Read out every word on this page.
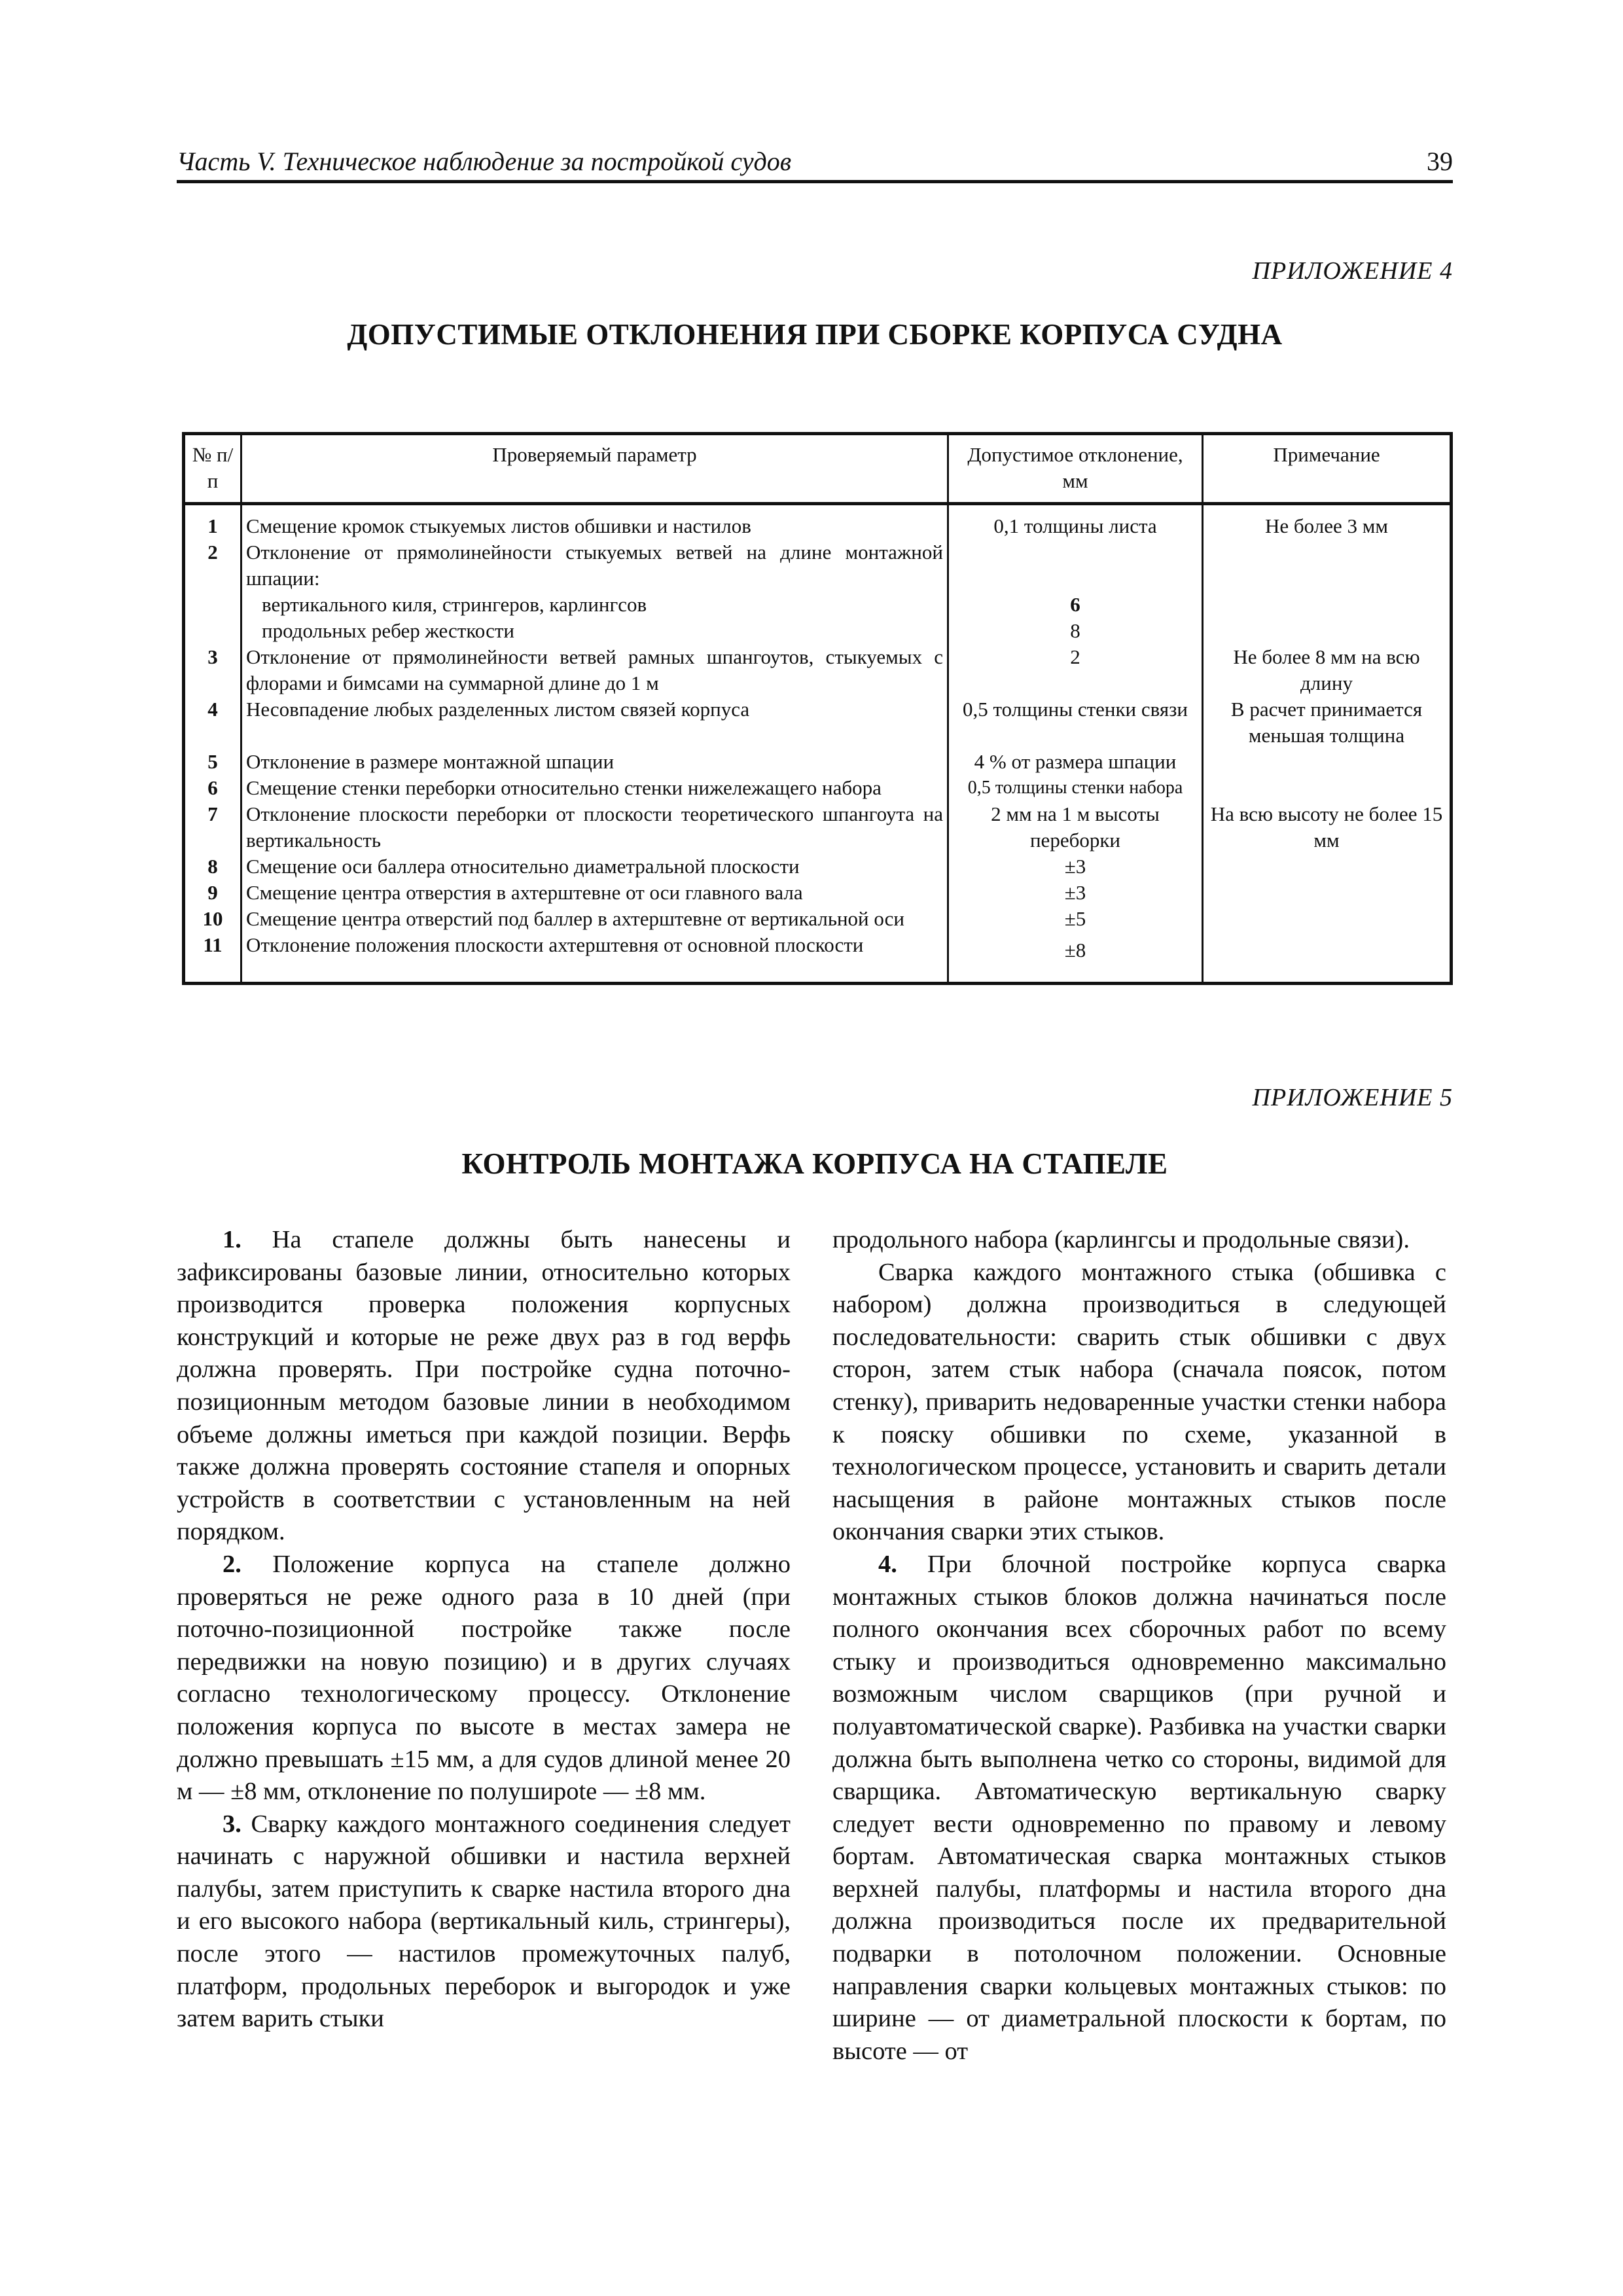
Часть V. Техническое наблюдение за постройкой судов	39
ПРИЛОЖЕНИЕ 4
ДОПУСТИМЫЕ ОТКЛОНЕНИЯ ПРИ СБОРКЕ КОРПУСА СУДНА
№ п/п	Проверяемый параметр	Допустимое отклонение, мм	Примечание
1	Смещение кромок стыкуемых листов обшивки и настилов	0,1 толщины листа	Не более 3 мм
2	Отклонение от прямолинейности стыкуемых ветвей на длине монтажной шпации:		

	вертикального киля, стрингеров, карлингсов	6	

	продольных ребер жесткости	8	
3	Отклонение от прямолинейности ветвей рамных шпангоутов, стыкуемых с флорами и бимсами на суммарной длине до 1 м	2	Не более 8 мм на всю длину
4	Несовпадение любых разделенных листом связей корпуса	0,5 толщины стенки связи	В расчет принимается меньшая толщина
5	Отклонение в размере монтажной шпации	4 % от размера шпации	
6	Смещение стенки переборки относительно стенки нижележащего набора	0,5 толщины стенки набора	
7	Отклонение плоскости переборки от плоскости теоретического шпангоута на вертикальность	2 мм на 1 м высоты переборки	На всю высоту не более 15 мм
8	Смещение оси баллера относительно диаметральной плоскости	±3	
9	Смещение центра отверстия в ахтерштевне от оси главного вала	±3	
10	Смещение центра отверстий под баллер в ахтерштевне от вертикальной оси	±5	
11	Отклонение положения плоскости ахтерштевня от основной плоскости	±8	
ПРИЛОЖЕНИЕ 5
КОНТРОЛЬ МОНТАЖА КОРПУСА НА СТАПЕЛЕ

1. На стапеле должны быть нанесены и зафиксированы базовые линии, относительно которых производится проверка положения корпусных конструкций и которые не реже двух раз в год верфь должна проверять. При постройке судна поточно-позиционным методом базовые линии в необходимом объеме должны иметься при каждой позиции. Верфь также должна проверять состояние стапеля и опорных устройств в соответствии с установленным на ней порядком.

2. Положение корпуса на стапеле должно проверяться не реже одного раза в 10 дней (при поточно-позиционной постройке также после передвижки на новую позицию) и в других случаях согласно технологическому процессу. Отклонение положения корпуса по высоте в местах замера не должно превышать ±15 мм, а для судов длиной менее 20 м — ±8 мм, отклонение по полуширote — ±8 мм.

3. Сварку каждого монтажного соединения следует начинать с наружной обшивки и настила верхней палубы, затем приступить к сварке настила второго дна и его высокого набора (вертикальный киль, стрингеры), после этого — настилов промежуточных палуб, платформ, продольных переборок и выгородок и уже затем варить стыки

продольного набора (карлингсы и продольные связи).

Сварка каждого монтажного стыка (обшивка с набором) должна производиться в следующей последовательности: сварить стык обшивки с двух сторон, затем стык набора (сначала поясок, потом стенку), приварить недоваренные участки стенки набора к пояску обшивки по схеме, указанной в технологическом процессе, установить и сварить детали насыщения в районе монтажных стыков после окончания сварки этих стыков.

4. При блочной постройке корпуса сварка монтажных стыков блоков должна начинаться после полного окончания всех сборочных работ по всему стыку и производиться одновременно максимально возможным числом сварщиков (при ручной и полуавтоматической сварке). Разбивка на участки сварки должна быть выполнена четко со стороны, видимой для сварщика. Автоматическую вертикальную сварку следует вести одновременно по правому и левому бортам. Автоматическая сварка монтажных стыков верхней палубы, платформы и настила второго дна должна производиться после их предварительной подварки в потолочном положении. Основные направления сварки кольцевых монтажных стыков: по ширине — от диаметральной плоскости к бортам, по высоте — от
